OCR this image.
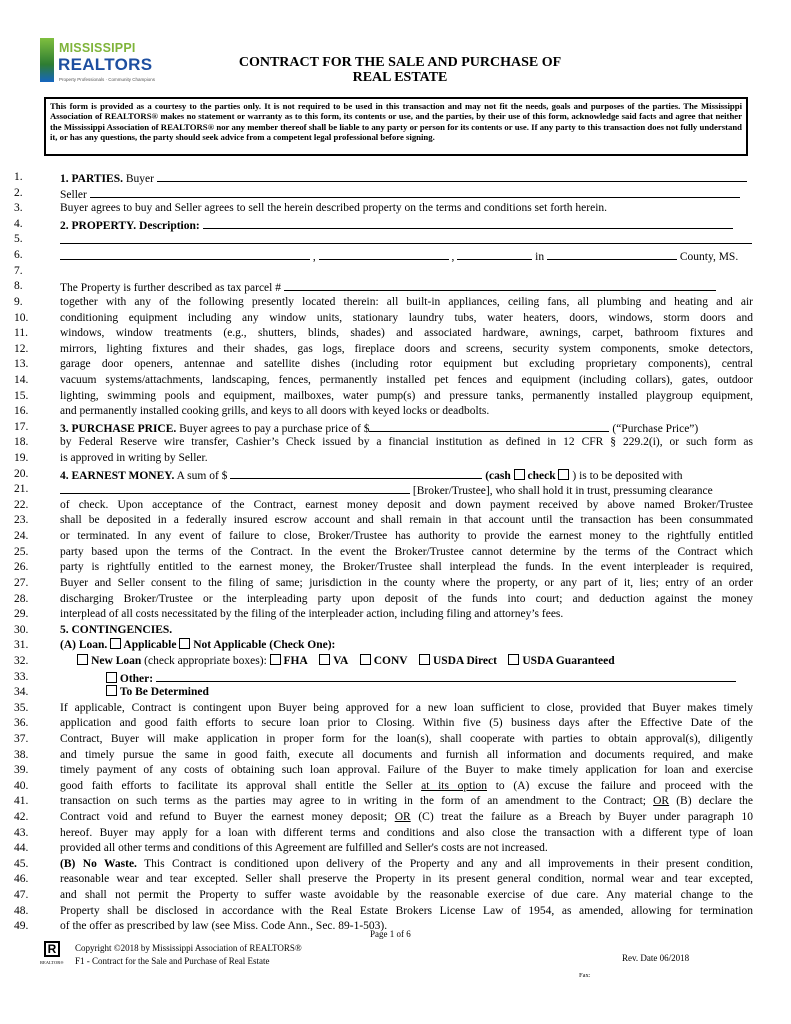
MISSISSIPPI
REALTORS
Property Professionals · Community Champions
CONTRACT FOR THE SALE AND PURCHASE OF
REAL ESTATE
This form is provided as a courtesy to the parties only. It is not required to be used in this transaction and may not fit the needs, goals and purposes of the parties. The Mississippi Association of REALTORS® makes no statement or warranty as to this form, its contents or use, and the parties, by their use of this form, acknowledge said facts and agree that neither the Mississippi Association of REALTORS® nor any member thereof shall be liable to any party or person for its contents or use. If any party to this transaction does not fully understand it, or has any questions, the party should seek advice from a competent legal professional before signing.
1.	1. PARTIES. Buyer
2.	Seller
3.	Buyer agrees to buy and Seller agrees to sell the herein described property on the terms and conditions set forth herein.
4.	2. PROPERTY. Description:
5.
6.	,	,	in	County, MS.
7.
8.	The Property is further described as tax parcel #
9.	together with any of the following presently located therein: all built-in appliances, ceiling fans, all plumbing and heating and air
10.	conditioning equipment including any window units, stationary laundry tubs, water heaters, doors, windows, storm doors and
11.	windows, window treatments (e.g., shutters, blinds, shades) and associated hardware, awnings, carpet, bathroom fixtures and
12.	mirrors, lighting fixtures and their shades, gas logs, fireplace doors and screens, security system components, smoke detectors,
13.	garage door openers, antennae and satellite dishes (including rotor equipment but excluding proprietary components), central
14.	vacuum systems/attachments, landscaping, fences, permanently installed pet fences and equipment (including collars), gates, outdoor
15.	lighting, swimming pools and equipment, mailboxes, water pump(s) and pressure tanks, permanently installed playgroup equipment,
16.	and permanently installed cooking grills, and keys to all doors with keyed locks or deadbolts.
17.	3. PURCHASE PRICE. Buyer agrees to pay a purchase price of $	(“Purchase Price”)
18.	by Federal Reserve wire transfer, Cashier’s Check issued by a financial institution as defined in 12 CFR § 229.2(i), or such form as
19.	is approved in writing by Seller.
20.	4. EARNEST MONEY. A sum of $	(cash check ) is to be deposited with
21.	[Broker/Trustee], who shall hold it in trust, pressuming clearance
22.	of check. Upon acceptance of the Contract, earnest money deposit and down payment received by above named Broker/Trustee
23.	shall be deposited in a federally insured escrow account and shall remain in that account until the transaction has been consummated
24.	or terminated. In any event of failure to close, Broker/Trustee has authority to provide the earnest money to the rightfully entitled
25.	party based upon the terms of the Contract. In the event the Broker/Trustee cannot determine by the terms of the Contract which
26.	party is rightfully entitled to the earnest money, the Broker/Trustee shall interplead the funds. In the event interpleader is required,
27.	Buyer and Seller consent to the filing of same; jurisdiction in the county where the property, or any part of it, lies; entry of an order
28.	discharging Broker/Trustee or the interpleading party upon deposit of the funds into court; and deduction against the money
29.	interplead of all costs necessitated by the filing of the interpleader action, including filing and attorney’s fees.
30.	5. CONTINGENCIES.
31.	(A) Loan. Applicable Not Applicable (Check One):
32.	New Loan (check appropriate boxes): FHA VA CONV USDA Direct USDA Guaranteed
33.	Other:
34.	To Be Determined
35.	If applicable, Contract is contingent upon Buyer being approved for a new loan sufficient to close, provided that Buyer makes timely
36.	application and good faith efforts to secure loan prior to Closing. Within five (5) business days after the Effective Date of the
37.	Contract, Buyer will make application in proper form for the loan(s), shall cooperate with parties to obtain approval(s), diligently
38.	and timely pursue the same in good faith, execute all documents and furnish all information and documents required, and make
39.	timely payment of any costs of obtaining such loan approval. Failure of the Buyer to make timely application for loan and exercise
40.	good faith efforts to facilitate its approval shall entitle the Seller at its option to (A) excuse the failure and proceed with the
41.	transaction on such terms as the parties may agree to in writing in the form of an amendment to the Contract; OR (B) declare the
42.	Contract void and refund to Buyer the earnest money deposit; OR (C) treat the failure as a Breach by Buyer under paragraph 10
43.	hereof. Buyer may apply for a loan with different terms and conditions and also close the transaction with a different type of loan
44.	provided all other terms and conditions of this Agreement are fulfilled and Seller's costs are not increased.
45.	(B) No Waste. This Contract is conditioned upon delivery of the Property and any and all improvements in their present condition,
46.	reasonable wear and tear excepted. Seller shall preserve the Property in its present general condition, normal wear and tear excepted,
47.	and shall not permit the Property to suffer waste avoidable by the reasonable exercise of due care. Any material change to the
48.	Property shall be disclosed in accordance with the Real Estate Brokers License Law of 1954, as amended, allowing for termination
49.	of the offer as prescribed by law (see Miss. Code Ann., Sec. 89-1-503).
Page 1 of 6
R
REALTOR®
Copyright ©2018 by Mississippi Association of REALTORS®
F1 - Contract for the Sale and Purchase of Real Estate	Rev. Date 06/2018
Fax:
